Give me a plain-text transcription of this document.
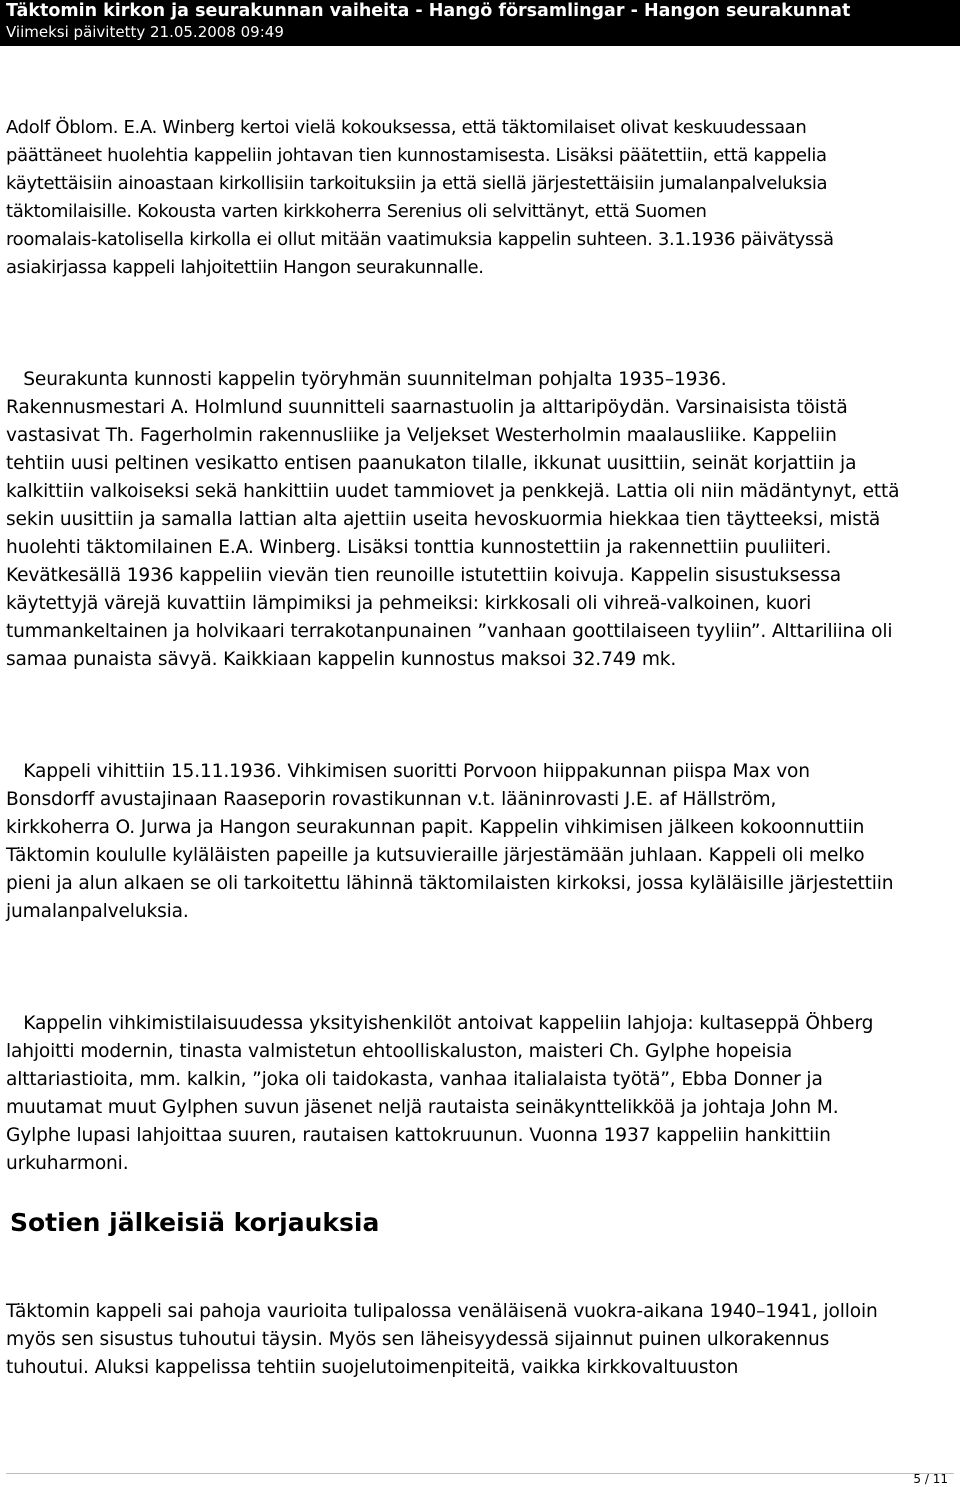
Täktomin kirkon ja seurakunnan vaiheita - Hangö församlingar - Hangon seurakunnat
Viimeksi päivitetty 21.05.2008 09:49

Adolf Öblom. E.A. Winberg kertoi vielä kokouksessa, että täktomilaiset olivat keskuudessaan
päättäneet huolehtia kappeliin johtavan tien kunnostamisesta. Lisäksi päätettiin, että kappelia
käytettäisiin ainoastaan kirkollisiin tarkoituksiin ja että siellä järjestettäisiin jumalanpalveluksia
täktomilaisille. Kokousta varten kirkkoherra Serenius oli selvittänyt, että Suomen
roomalais-katolisella kirkolla ei ollut mitään vaatimuksia kappelin suhteen. 3.1.1936 päivätyssä
asiakirjassa kappeli lahjoitettiin Hangon seurakunnalle.

Seurakunta kunnosti kappelin työryhmän suunnitelman pohjalta 1935–1936.
Rakennusmestari A. Holmlund suunnitteli saarnastuolin ja alttaripöydän. Varsinaisista töistä
vastasivat Th. Fagerholmin rakennusliike ja Veljekset Westerholmin maalausliike. Kappeliin
tehtiin uusi peltinen vesikatto entisen paanukaton tilalle, ikkunat uusittiin, seinät korjattiin ja
kalkittiin valkoiseksi sekä hankittiin uudet tammiovet ja penkkejä. Lattia oli niin mädäntynyt, että
sekin uusittiin ja samalla lattian alta ajettiin useita hevoskuormia hiekkaa tien täytteeksi, mistä
huolehti täktomilainen E.A. Winberg. Lisäksi tonttia kunnostettiin ja rakennettiin puuliiteri.
Kevätkesällä 1936 kappeliin vievän tien reunoille istutettiin koivuja. Kappelin sisustuksessa
käytettyjä värejä kuvattiin lämpimiksi ja pehmeiksi: kirkkosali oli vihreä-valkoinen, kuori
tummankeltainen ja holvikaari terrakotanpunainen ”vanhaan goottilaiseen tyyliin”. Alttariliina oli
samaa punaista sävyä. Kaikkiaan kappelin kunnostus maksoi 32.749 mk.

Kappeli vihittiin 15.11.1936. Vihkimisen suoritti Porvoon hiippakunnan piispa Max von
Bonsdorff avustajinaan Raaseporin rovastikunnan v.t. lääninrovasti J.E. af Hällström,
kirkkoherra O. Jurwa ja Hangon seurakunnan papit. Kappelin vihkimisen jälkeen kokoonnuttiin
Täktomin koululle kyläläisten papeille ja kutsuvieraille järjestämään juhlaan. Kappeli oli melko
pieni ja alun alkaen se oli tarkoitettu lähinnä täktomilaisten kirkoksi, jossa kyläläisille järjestettiin
jumalanpalveluksia.

Kappelin vihkimistilaisuudessa yksityishenkilöt antoivat kappeliin lahjoja: kultaseppä Öhberg
lahjoitti modernin, tinasta valmistetun ehtoolliskaluston, maisteri Ch. Gylphe hopeisia
alttariastioita, mm. kalkin, ”joka oli taidokasta, vanhaa italialaista työtä”, Ebba Donner ja
muutamat muut Gylphen suvun jäsenet neljä rautaista seinäkynttelikköä ja johtaja John M.
Gylphe lupasi lahjoittaa suuren, rautaisen kattokruunun. Vuonna 1937 kappeliin hankittiin
urkuharmoni.

Sotien jälkeisiä korjauksia

Täktomin kappeli sai pahoja vaurioita tulipalossa venäläisenä vuokra-aikana 1940–1941, jolloin
myös sen sisustus tuhoutui täysin. Myös sen läheisyydessä sijainnut puinen ulkorakennus
tuhoutui. Aluksi kappelissa tehtiin suojelutoimenpiteitä, vaikka kirkkovaltuuston

5 / 11
